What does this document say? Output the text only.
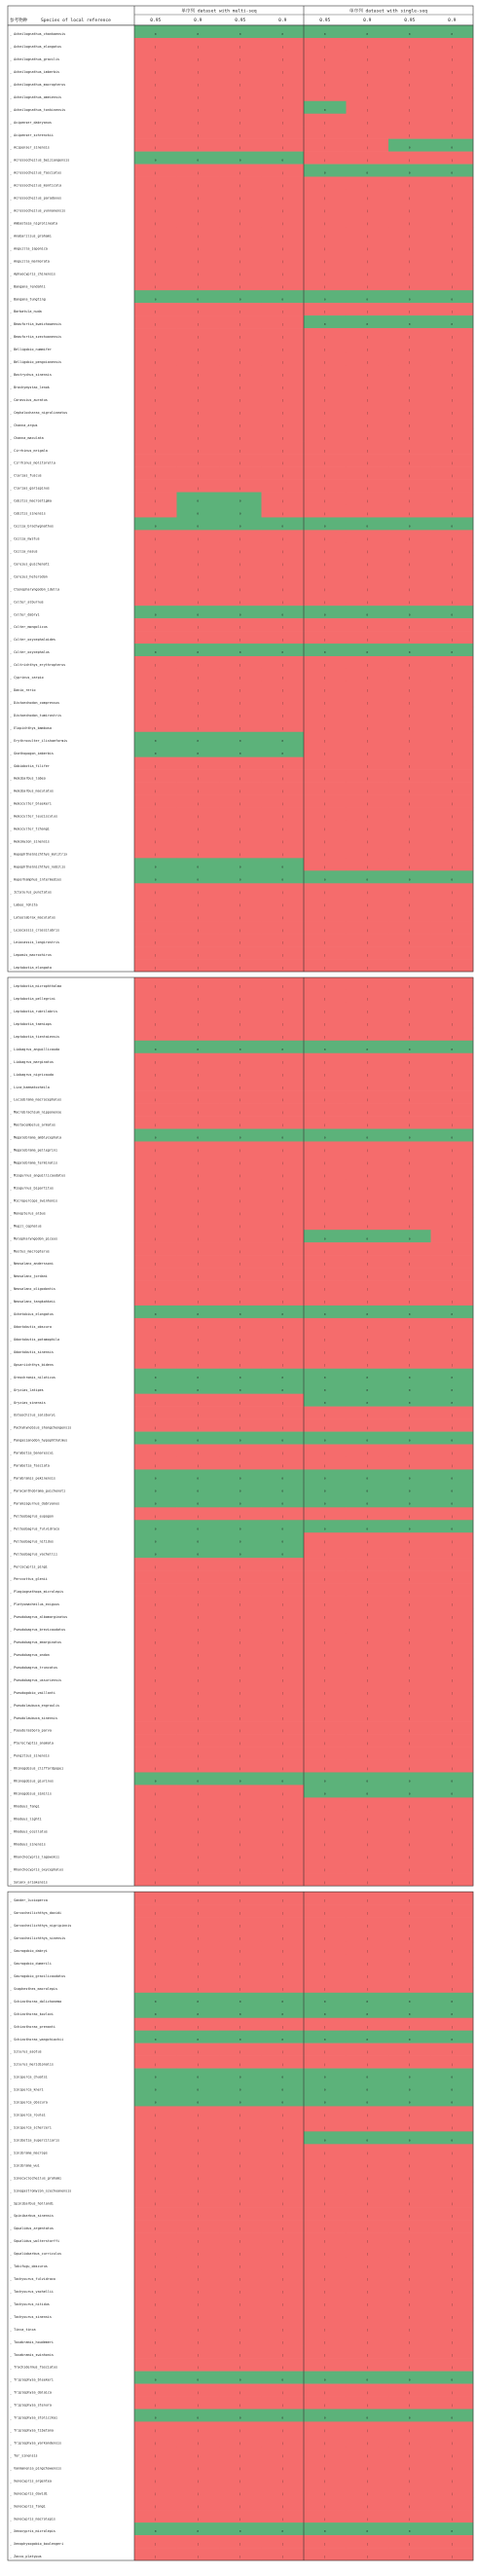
参考物种	Species of local reference
单序列 dataset with multi-seq	单序列 dataset with single-seq
0.95	0.9	0.95	0.9	0.95	0.9	0.95	0.9
_ Acheilognathus_chankaensis	0	0	0	0	0	0	0	0
_ Acheilognathus_elongatus	|	|	|	|	|	|	|	|
_ Acheilognathus_gracilis	|	|	|	|	|	|	|	|
_ Acheilognathus_imberbis	|	|	|	|	|	|	|	|
_ Acheilognathus_macropterus	|	|	|	|	|	|	|	|
_ Acheilognathus_omeiensis	|	|	|	|	|	|	|	|
_ Acheilognathus_tonkinensis	|	|	|	|	0	|	|	|
_ Acipenser_dabryanus	|	|	|	|	|	|	|	|
_ Acipenser_schrenckii	|	|	|	|	|	|	|	|
_ Acipenser_sinensis	|	|	|	|	|	|	0	0
_ Acrossocheilus_beijiangensis	0	0	0	0	|	|	|	|
_ Acrossocheilus_fasciatus	|	|	|	|	0	0	0	0
_ Acrossocheilus_monticola	|	|	|	|	|	|	|	|
_ Acrossocheilus_paradoxus	|	|	|	|	|	|	|	|
_ Acrossocheilus_yunnanensis	|	|	|	|	|	|	|	|
_ Ambastaia_nigrolineata	|	|	|	|	|	|	|	|
_ Anabarilius_grahami	|	|	|	|	|	|	|	|
_ Anguilla_japonica	|	|	|	|	|	|	|	|
_ Anguilla_marmorata	|	|	|	|	|	|	|	|
_ Aphyocypris_chinensis	|	|	|	|	|	|	|	|
_ Bangana_rendahli	|	|	|	|	|	|	|	|
_ Bangana_tungting	0	0	0	0	0	0	0	0
_ Barbatula_nuda	|	|	|	|	|	|	|	|
_ Beaufortia_kweichowensis	|	|	|	|	0	0	0	0
_ Beaufortia_szechuanensis	|	|	|	|	|	|	|	|
_ Belligobio_nummifer	|	|	|	|	|	|	|	|
_ Belligobio_pengxianensis	|	|	|	|	|	|	|	|
_ Bostrychus_sinensis	|	|	|	|	|	|	|	|
_ Brachymystax_lenok	|	|	|	|	|	|	|	|
_ Carassius_auratus	|	|	|	|	|	|	|	|
_ Cephalocharax_nigrolineatus	|	|	|	|	|	|	|	|
_ Channa_argus	|	|	|	|	|	|	|	|
_ Channa_maculata	|	|	|	|	|	|	|	|
_ Cirrhinus_mrigala	|	|	|	|	|	|	|	|
_ Cirrhinus_molitorella	|	|	|	|	|	|	|	|
_ Clarias_fuscus	|	|	|	|	|	|	|	|
_ Clarias_gariepinus	|	|	|	|	|	|	|	|
_ Cobitis_macrostigma	|	0	0	|	|	|	|	|
_ Cobitis_sinensis	|	0	0	|	|	|	|	|
_ Coilia_brachygnathus	0	0	0	0	0	0	0	0
_ Coilia_mystus	|	|	|	|	|	|	|	|
_ Coilia_nasus	|	|	|	|	|	|	|	|
_ Coreius_guichenoti	|	|	|	|	|	|	|	|
_ Coreius_heterodon	|	|	|	|	|	|	|	|
_ Ctenopharyngodon_idella	|	|	|	|	|	|	|	|
_ Culter_alburnus	|	|	|	|	|	|	|	|
_ Culter_dabryi	0	0	0	0	0	0	0	0
_ Culter_mongolicus	|	|	|	|	|	|	|	|
_ Culter_oxycephaloides	|	|	|	|	|	|	|	|
_ Culter_oxycephalus	0	0	0	0	0	0	0	0
_ Cultrichthys_erythropterus	|	|	|	|	|	|	|	|
_ Cyprinus_carpio	|	|	|	|	|	|	|	|
_ Danio_rerio	|	|	|	|	|	|	|	|
_ Distoechodon_compressus	|	|	|	|	|	|	|	|
_ Distoechodon_tumirostris	|	|	|	|	|	|	|	|
_ Elopichthys_bambusa	|	|	|	|	|	|	|	|
_ Erythroculter_ilishaeformis	0	0	0	0	|	|	|	|
_ Gnathopogon_imberbis	0	0	0	0	|	|	|	|
_ Gobiobotia_filifer	|	|	|	|	|	|	|	|
_ Hemibarbus_labeo	|	|	|	|	|	|	|	|
_ Hemibarbus_maculatus	|	|	|	|	|	|	|	|
_ Hemiculter_bleekeri	|	|	|	|	|	|	|	|
_ Hemiculter_leucisculus	|	|	|	|	|	|	|	|
_ Hemiculter_tchangi	|	|	|	|	|	|	|	|
_ Hemimyzon_sinensis	|	|	|	|	|	|	|	|
_ Hypophthalmichthys_molitrix	|	|	|	|	|	|	|	|
_ Hypophthalmichthys_nobilis	0	0	0	0	|	|	|	|
_ Hyporhamphus_intermedius	0	0	0	0	0	0	0	0
_ Ictalurus_punctatus	|	|	|	|	|	|	|	|
_ Labeo_rohita	|	|	|	|	|	|	|	|
_ Lateolabrax_maculatus	|	|	|	|	|	|	|	|
_ Leiocassis_crassilabris	|	|	|	|	|	|	|	|
_ Leiocassis_longirostris	|	|	|	|	|	|	|	|
_ Lepomis_macrochirus	|	|	|	|	|	|	|	|
_ Leptobotia_elongata	|	|	|	|	|	|	|	|
_ Leptobotia_microphthalma	|	|	|	|	|	|	|	|
_ Leptobotia_pellegrini	|	|	|	|	|	|	|	|
_ Leptobotia_rubrilabris	|	|	|	|	|	|	|	|
_ Leptobotia_taeniops	|	|	|	|	|	|	|	|
_ Leptobotia_tientaiensis	|	|	|	|	|	|	|	|
_ Liobagrus_anguillicauda	0	0	0	0	0	0	0	0
_ Liobagrus_marginatus	|	|	|	|	|	|	|	|
_ Liobagrus_nigricauda	|	|	|	|	|	|	|	|
_ Liza_haematocheila	|	|	|	|	|	|	|	|
_ Luciobrama_macrocephalus	|	|	|	|	|	|	|	|
_ Macrobrachium_nipponense	|	|	|	|	|	|	|	|
_ Mastacembelus_armatus	|	|	|	|	|	|	|	|
_ Megalobrama_amblycephala	0	0	0	0	0	0	0	0
_ Megalobrama_pellegrini	|	|	|	|	|	|	|	|
_ Megalobrama_terminalis	|	|	|	|	|	|	|	|
_ Misgurnus_anguillicaudatus	|	|	|	|	|	|	|	|
_ Misgurnus_bipartitus	|	|	|	|	|	|	|	|
_ Micropercops_swinhonis	|	|	|	|	|	|	|	|
_ Monopterus_albus	|	|	|	|	|	|	|	|
_ Mugil_cephalus	|	|	|	|	|	|	|	|
_ Mylopharyngodon_piceus	|	|	|	|	0	0	0	|
_ Mystus_macropterus	|	|	|	|	|	|	|	|
_ Neosalanx_anderssoni	|	|	|	|	|	|	|	|
_ Neosalanx_jordani	|	|	|	|	|	|	|	|
_ Neosalanx_oligodontis	|	|	|	|	|	|	|	|
_ Neosalanx_tangkahkeii	|	|	|	|	|	|	|	|
_ Ochetobius_elongatus	0	0	0	0	0	0	0	0
_ Odontobutis_obscura	|	|	|	|	|	|	|	|
_ Odontobutis_potamophila	|	|	|	|	|	|	|	|
_ Odontobutis_sinensis	|	|	|	|	|	|	|	|
_ Opsariichthys_bidens	|	|	|	|	|	|	|	|
_ Oreochromis_niloticus	0	0	0	0	0	0	0	0
_ Oryzias_latipes	0	0	0	0	0	0	0	0
_ Oryzias_sinensis	|	|	|	|	0	0	0	0
_ Osteochilus_salsburyi	|	|	|	|	|	|	|	|
_ Pachyhynobius_shangchengensis	|	|	|	|	|	|	|	|
_ Pangasianodon_hypophthalmus	0	0	0	0	0	0	0	0
_ Parabotia_banarescui	|	|	|	|	|	|	|	|
_ Parabotia_fasciata	|	|	|	|	|	|	|	|
_ Parabramis_pekinensis	0	0	0	0	0	0	0	0
_ Paracanthobrama_guichenoti	0	0	0	0	0	0	0	0
_ Paramisgurnus_dabryanus	0	0	0	0	0	0	0	0
_ Pelteobagrus_eupogon	|	|	|	|	|	|	|	|
_ Pelteobagrus_fulvidraco	0	0	0	0	0	0	0	0
_ Pelteobagrus_nitidus	0	0	0	0	|	|	|	|
_ Pelteobagrus_vachellii	0	0	0	0	|	|	|	|
_ Percocypris_pingi	|	|	|	|	|	|	|	|
_ Perccottus_glenii	|	|	|	|	|	|	|	|
_ Plagiognathops_microlepis	|	|	|	|	|	|	|	|
_ Platysmacheilus_exiguus	|	|	|	|	|	|	|	|
_ Pseudobagrus_albomarginatus	|	|	|	|	|	|	|	|
_ Pseudobagrus_brevicaudatus	|	|	|	|	|	|	|	|
_ Pseudobagrus_emarginatus	|	|	|	|	|	|	|	|
_ Pseudobagrus_ondon	|	|	|	|	|	|	|	|
_ Pseudobagrus_truncatus	|	|	|	|	|	|	|	|
_ Pseudobagrus_ussuriensis	|	|	|	|	|	|	|	|
_ Pseudogobio_vaillanti	|	|	|	|	|	|	|	|
_ Pseudolaubuca_engraulis	|	|	|	|	|	|	|	|
_ Pseudolaubuca_sinensis	|	|	|	|	|	|	|	|
_ Pseudorasbora_parva	|	|	|	|	|	|	|	|
_ Pterocryptis_anomala	|	|	|	|	|	|	|	|
_ Pungitius_sinensis	|	|	|	|	|	|	|	|
_ Rhinogobius_cliffordpopei	|	|	|	|	|	|	|	|
_ Rhinogobius_giurinus	0	0	0	0	0	0	0	0
_ Rhinogobius_similis	|	|	|	|	0	0	0	0
_ Rhodeus_fangi	|	|	|	|	|	|	|	|
_ Rhodeus_lighti	|	|	|	|	|	|	|	|
_ Rhodeus_ocellatus	|	|	|	|	|	|	|	|
_ Rhodeus_sinensis	|	|	|	|	|	|	|	|
_ Rhynchocypris_lagowskii	|	|	|	|	|	|	|	|
_ Rhynchocypris_oxycephalus	|	|	|	|	|	|	|	|
_ Salanx_ariakensis	|	|	|	|	|	|	|	|
_ Sander_lucioperca	|	|	|	|	|	|	|	|
_ Sarcocheilichthys_davidi	|	|	|	|	|	|	|	|
_ Sarcocheilichthys_nigripinnis	|	|	|	|	|	|	|	|
_ Sarcocheilichthys_sinensis	|	|	|	|	|	|	|	|
_ Saurogobio_dabryi	|	|	|	|	|	|	|	|
_ Saurogobio_dumerili	|	|	|	|	|	|	|	|
_ Saurogobio_gracilicaudatus	|	|	|	|	|	|	|	|
_ Scaphesthes_macrolepis	|	|	|	|	|	|	|	|
_ Schizothorax_dolichonema	0	0	0	0	0	0	0	0
_ Schizothorax_kozlovi	0	0	0	0	0	0	0	0
_ Schizothorax_prenanti	|	|	|	|	|	|	|	|
_ Schizothorax_wangchiachii	0	0	0	0	0	0	0	0
_ Silurus_asotus	|	|	|	|	|	|	|	|
_ Silurus_meridionalis	|	|	|	|	|	|	|	|
_ Siniperca_chuatsi	0	0	0	0	0	0	0	0
_ Siniperca_kneri	0	0	0	0	0	0	0	0
_ Siniperca_obscura	0	0	0	0	0	0	0	0
_ Siniperca_roulei	|	|	|	|	|	|	|	|
_ Siniperca_scherzeri	|	|	|	|	|	|	|	|
_ Sinibotia_superciliaris	|	|	|	|	0	0	0	0
_ Sinibrama_macrops	|	|	|	|	|	|	|	|
_ Sinibrama_wui	|	|	|	|	|	|	|	|
_ Sinocyclocheilus_grahami	|	|	|	|	|	|	|	|
_ Sinogastromyzon_szechuanensis	|	|	|	|	|	|	|	|
_ Spinibarbus_hollandi	|	|	|	|	|	|	|	|
_ Spinibarbus_sinensis	|	|	|	|	|	|	|	|
_ Squalidus_argentatus	|	|	|	|	|	|	|	|
_ Squalidus_wolterstorffi	|	|	|	|	|	|	|	|
_ Squaliobarbus_curriculus	|	|	|	|	|	|	|	|
_ Takifugu_obscurus	|	|	|	|	|	|	|	|
_ Tachysurus_fulvidraco	|	|	|	|	|	|	|	|
_ Tachysurus_vachellii	|	|	|	|	|	|	|	|
_ Tachysurus_nitidus	|	|	|	|	|	|	|	|
_ Tachysurus_sinensis	|	|	|	|	|	|	|	|
_ Tinca_tinca	|	|	|	|	|	|	|	|
_ Toxabramis_houdemeri	|	|	|	|	|	|	|	|
_ Toxabramis_swinhonis	|	|	|	|	|	|	|	|
_ Trachidermus_fasciatus	|	|	|	|	|	|	|	|
_ Triplophysa_bleekeri	0	0	0	0	0	0	0	0
_ Triplophysa_dalaica	|	|	|	|	|	|	|	|
_ Triplophysa_stenura	|	|	|	|	|	|	|	|
_ Triplophysa_stoliczkai	0	0	0	0	0	0	0	0
_ Triplophysa_tibetana	|	|	|	|	|	|	|	|
_ Triplophysa_yarkandensis	|	|	|	|	|	|	|	|
_ Tor_sinensis	|	|	|	|	|	|	|	|
_ Vanmanenia_pingchowensis	|	|	|	|	|	|	|	|
_ Xenocypris_argentea	|	|	|	|	|	|	|	|
_ Xenocypris_davidi	|	|	|	|	|	|	|	|
_ Xenocypris_fangi	|	|	|	|	|	|	|	|
_ Xenocypris_macrolepis	|	|	|	|	|	|	|	|
_ Xenocypris_microlepis	0	0	0	0	0	0	0	0
_ Xenophysogobio_boulengeri	|	|	|	|	|	|	|	|
_ Zacco_platypus	|	|	|	|	|	|	|	|
